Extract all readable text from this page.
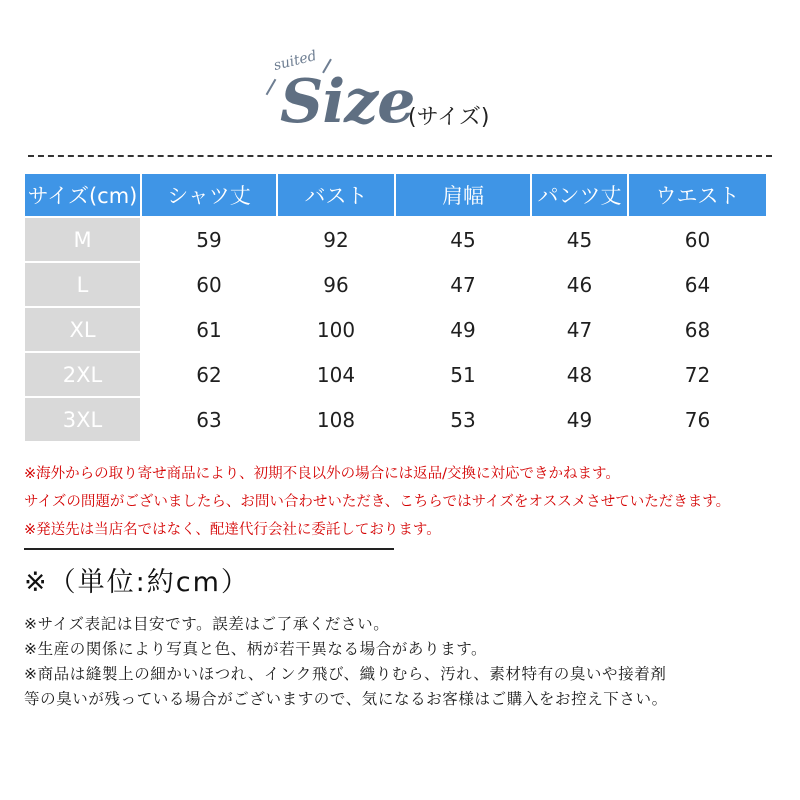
suited
Size
(サイズ)
サイズ(cm)	シャツ丈	バスト	肩幅	パンツ丈	ウエスト
M	59	92	45	45	60
L	60	96	47	46	64
XL	61	100	49	47	68
2XL	62	104	51	48	72
3XL	63	108	53	49	76
※海外からの取り寄せ商品により、初期不良以外の場合には返品/交換に対応できかねます。
サイズの問題がございましたら、お問い合わせいただき、こちらではサイズをオススメさせていただきます。
※発送先は当店名ではなく、配達代行会社に委託しております。
※（単位:約cm）
※サイズ表記は目安です。誤差はご了承ください。
※生産の関係により写真と色、柄が若干異なる場合があります。
※商品は縫製上の細かいほつれ、インク飛び、織りむら、汚れ、素材特有の臭いや接着剤
等の臭いが残っている場合がございますので、気になるお客様はご購入をお控え下さい。
